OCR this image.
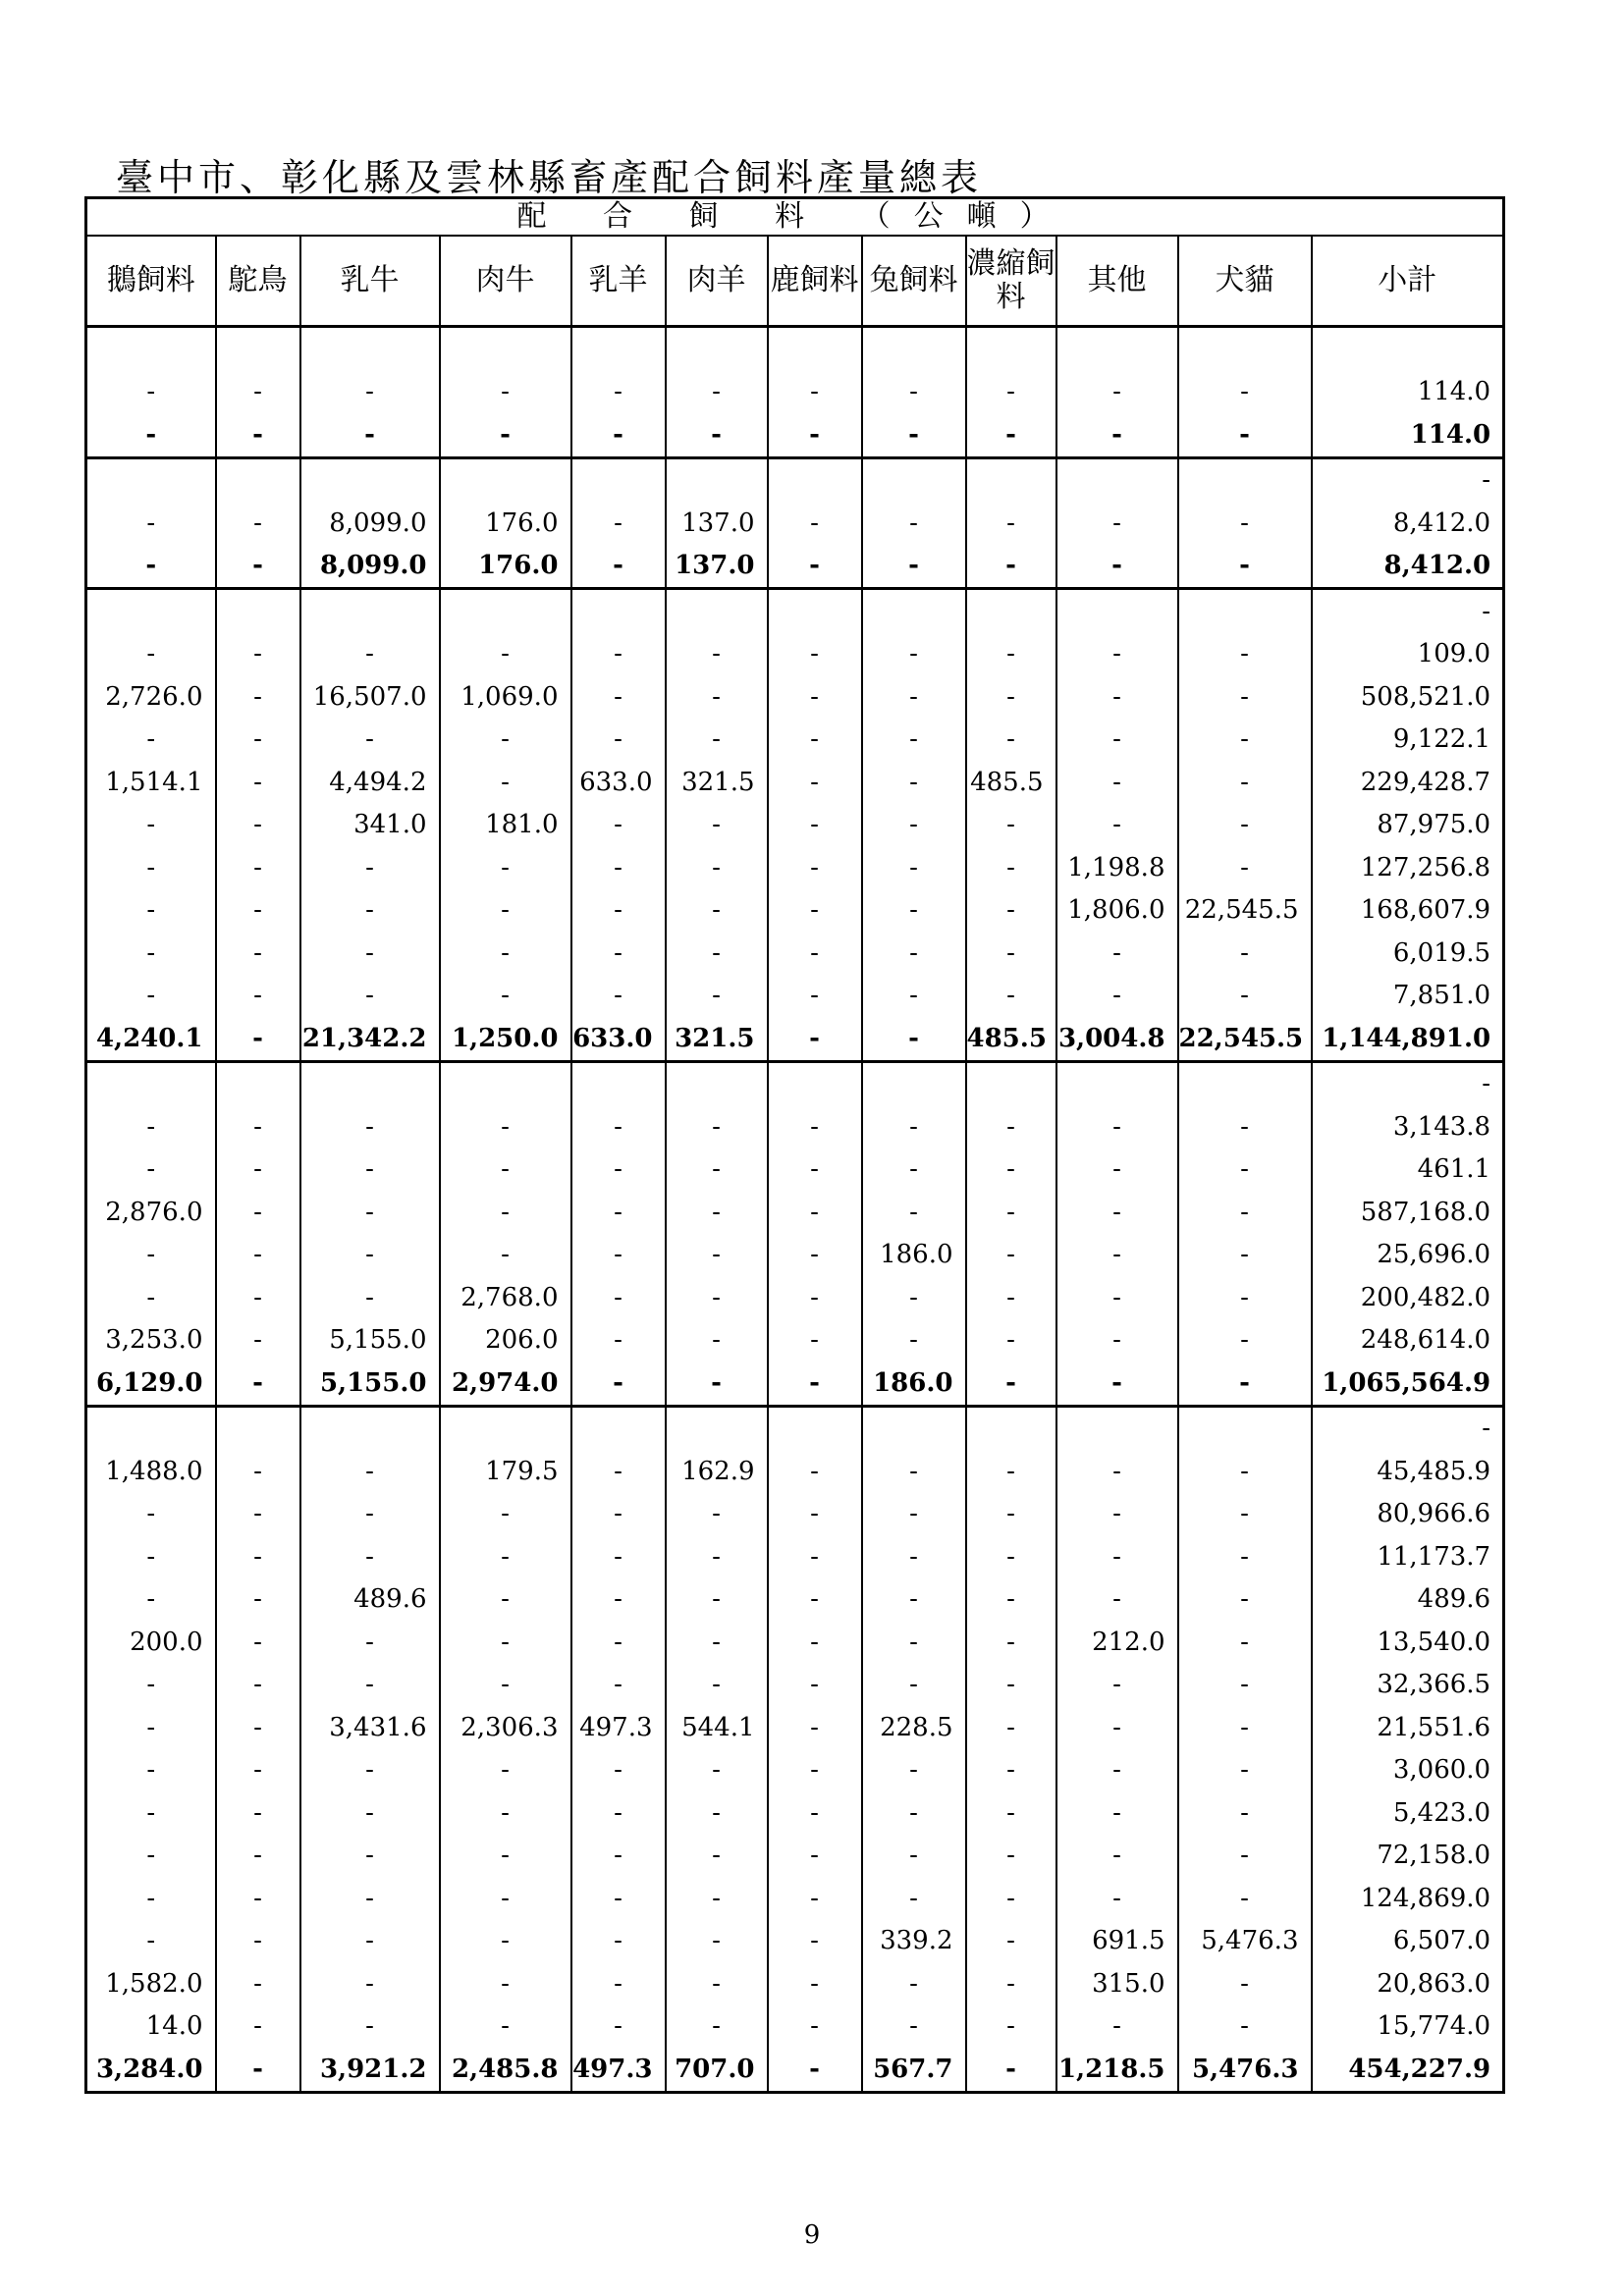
臺中市、彰化縣及雲林縣畜產配合飼料產量總表
配 合 飼 料 （公噸）											
鵝飼料	鴕鳥	乳牛	肉牛	乳羊	肉羊	鹿飼料	兔飼料	濃縮飼料	其他	犬貓	小計

-	-	-	-	-	-	-	-	-	-	-	114.0
-	-	-	-	-	-	-	-	-	-	-	114.0
											-
-	-	8,099.0	176.0	-	137.0	-	-	-	-	-	8,412.0
-	-	8,099.0	176.0	-	137.0	-	-	-	-	-	8,412.0
											-
-	-	-	-	-	-	-	-	-	-	-	109.0
2,726.0	-	16,507.0	1,069.0	-	-	-	-	-	-	-	508,521.0
-	-	-	-	-	-	-	-	-	-	-	9,122.1
1,514.1	-	4,494.2	-	633.0	321.5	-	-	485.5	-	-	229,428.7
-	-	341.0	181.0	-	-	-	-	-	-	-	87,975.0
-	-	-	-	-	-	-	-	-	1,198.8	-	127,256.8
-	-	-	-	-	-	-	-	-	1,806.0	22,545.5	168,607.9
-	-	-	-	-	-	-	-	-	-	-	6,019.5
-	-	-	-	-	-	-	-	-	-	-	7,851.0
4,240.1	-	21,342.2	1,250.0	633.0	321.5	-	-	485.5	3,004.8	22,545.5	1,144,891.0
											-
-	-	-	-	-	-	-	-	-	-	-	3,143.8
-	-	-	-	-	-	-	-	-	-	-	461.1
2,876.0	-	-	-	-	-	-	-	-	-	-	587,168.0
-	-	-	-	-	-	-	186.0	-	-	-	25,696.0
-	-	-	2,768.0	-	-	-	-	-	-	-	200,482.0
3,253.0	-	5,155.0	206.0	-	-	-	-	-	-	-	248,614.0
6,129.0	-	5,155.0	2,974.0	-	-	-	186.0	-	-	-	1,065,564.9
											-
1,488.0	-	-	179.5	-	162.9	-	-	-	-	-	45,485.9
-	-	-	-	-	-	-	-	-	-	-	80,966.6
-	-	-	-	-	-	-	-	-	-	-	11,173.7
-	-	489.6	-	-	-	-	-	-	-	-	489.6
200.0	-	-	-	-	-	-	-	-	212.0	-	13,540.0
-	-	-	-	-	-	-	-	-	-	-	32,366.5
-	-	3,431.6	2,306.3	497.3	544.1	-	228.5	-	-	-	21,551.6
-	-	-	-	-	-	-	-	-	-	-	3,060.0
-	-	-	-	-	-	-	-	-	-	-	5,423.0
-	-	-	-	-	-	-	-	-	-	-	72,158.0
-	-	-	-	-	-	-	-	-	-	-	124,869.0
-	-	-	-	-	-	-	339.2	-	691.5	5,476.3	6,507.0
1,582.0	-	-	-	-	-	-	-	-	315.0	-	20,863.0
14.0	-	-	-	-	-	-	-	-	-	-	15,774.0
3,284.0	-	3,921.2	2,485.8	497.3	707.0	-	567.7	-	1,218.5	5,476.3	454,227.9
9
